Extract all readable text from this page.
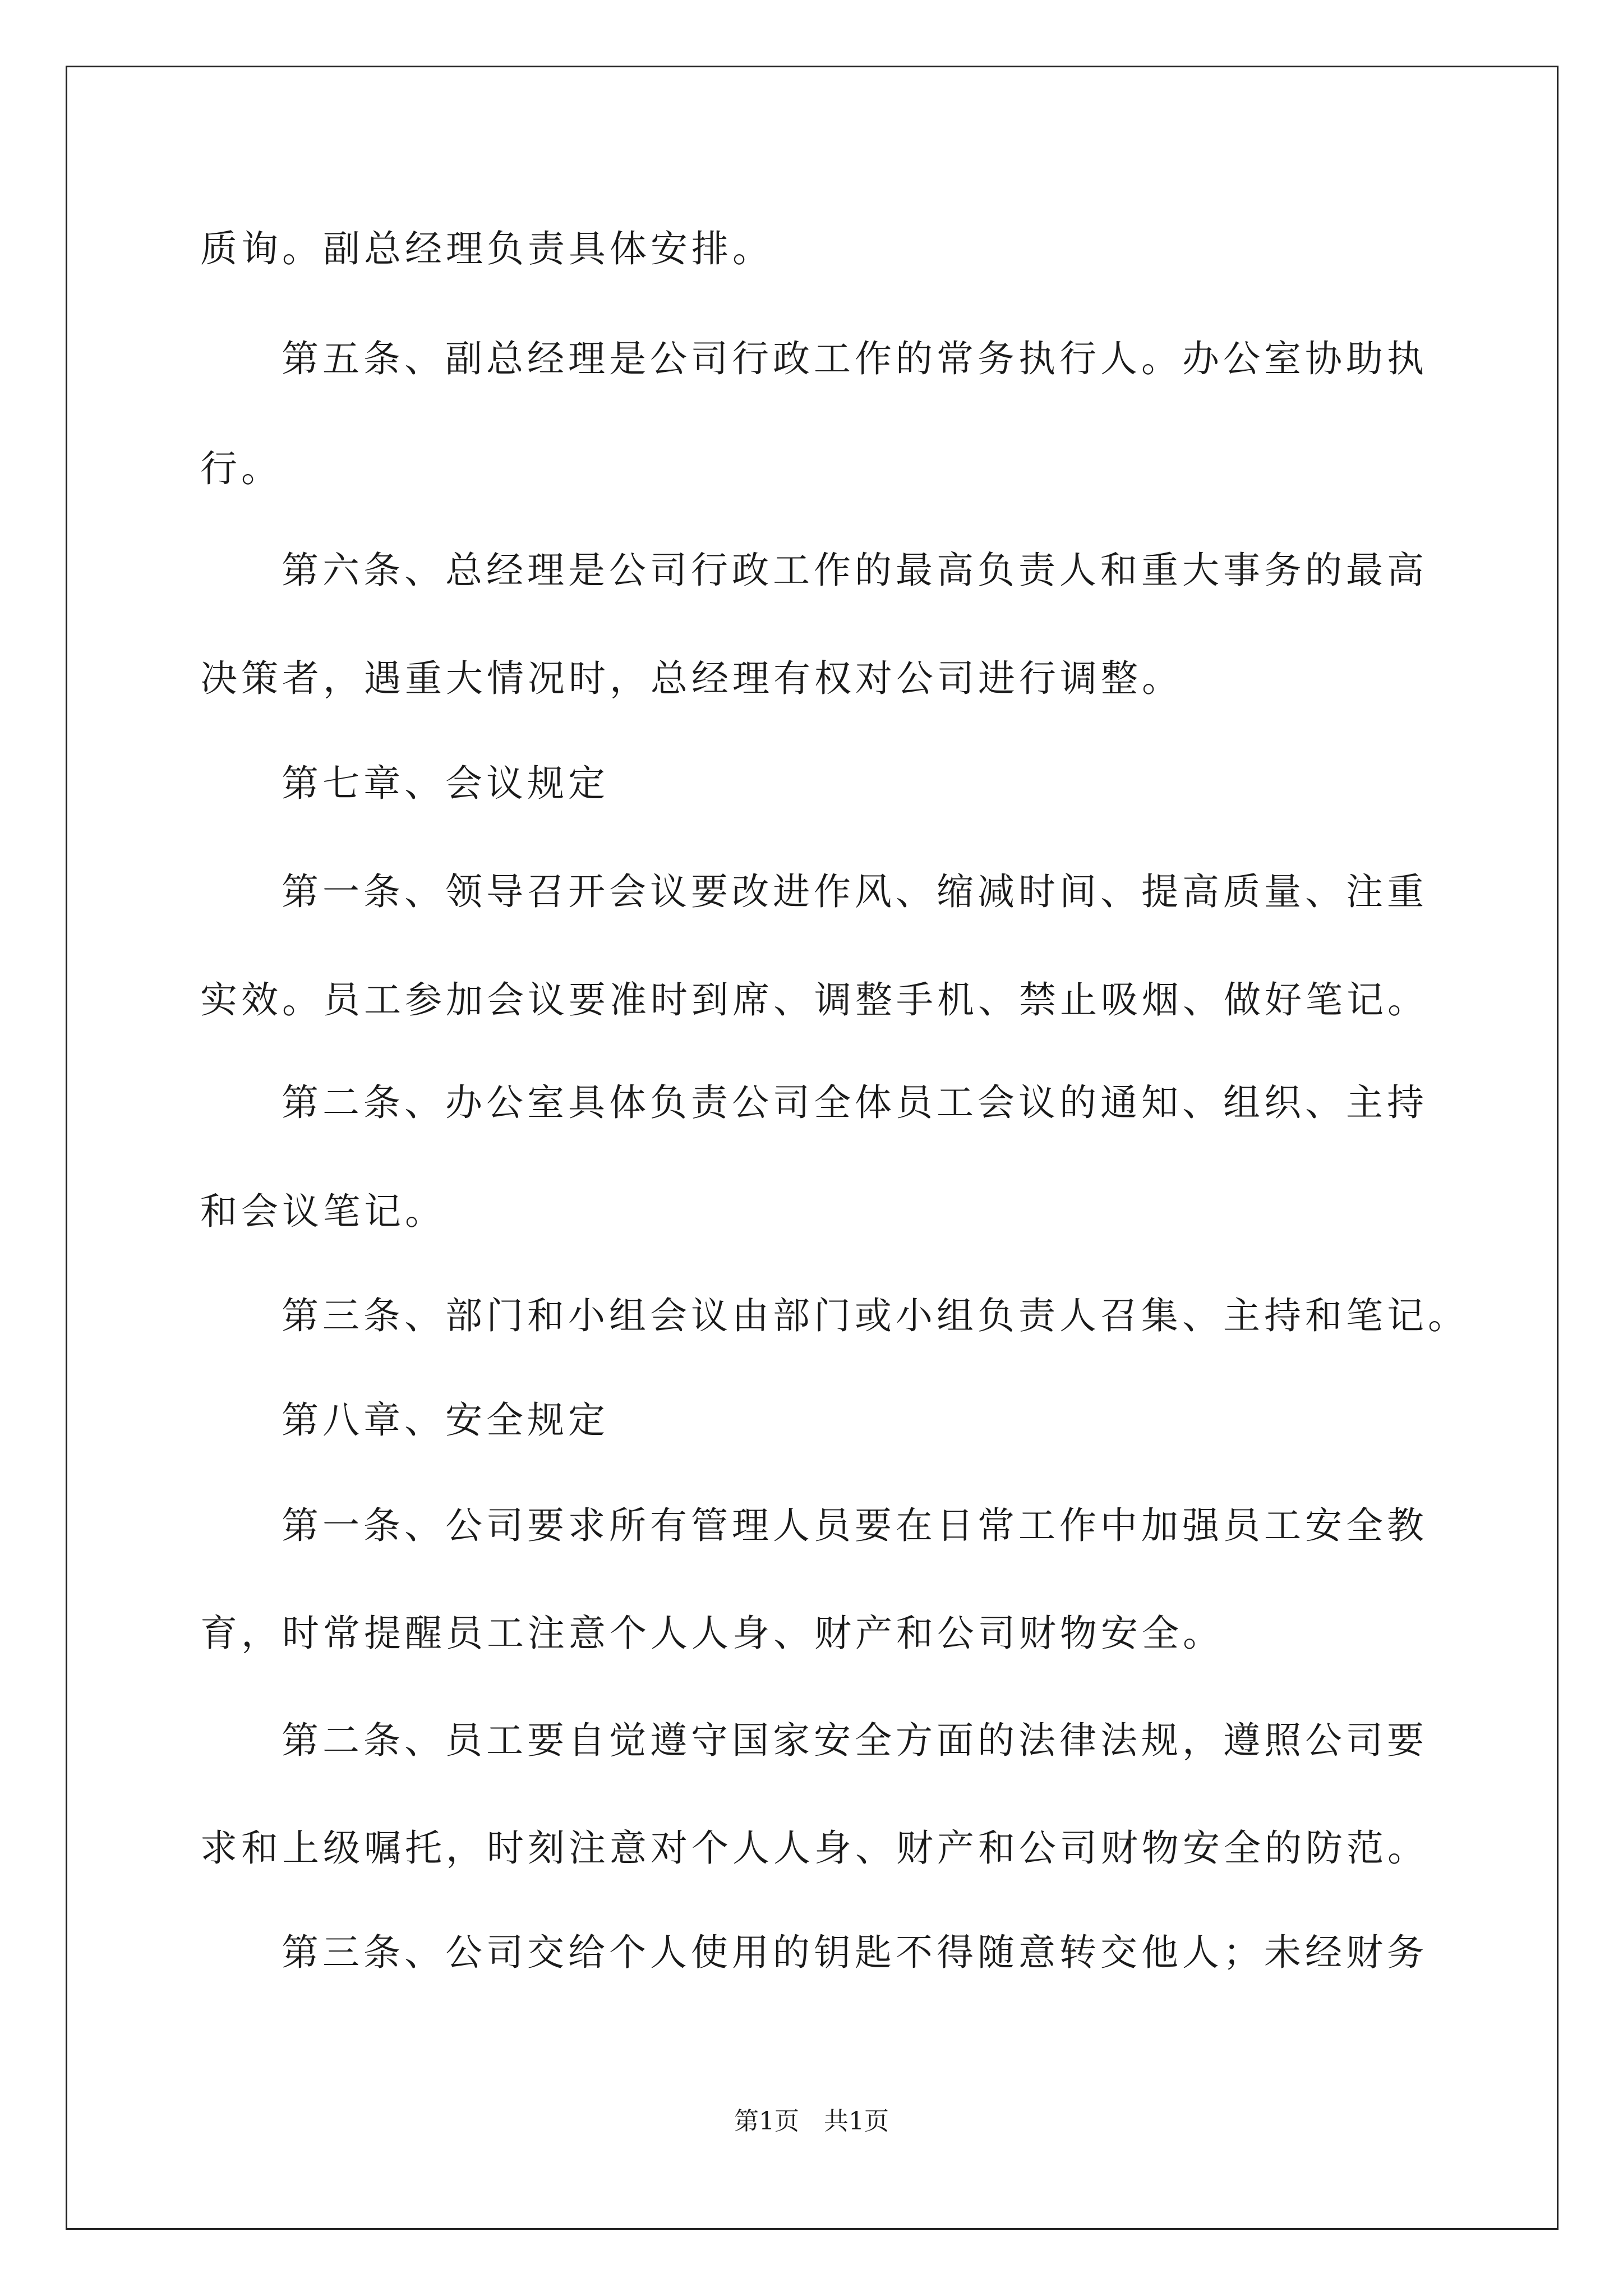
质询。副总经理负责具体安排。
第五条、副总经理是公司行政工作的常务执行人。办公室协助执
行。
第六条、总经理是公司行政工作的最高负责人和重大事务的最高
决策者，遇重大情况时，总经理有权对公司进行调整。
第七章、会议规定
第一条、领导召开会议要改进作风、缩减时间、提高质量、注重
实效。员工参加会议要准时到席、调整手机、禁止吸烟、做好笔记。
第二条、办公室具体负责公司全体员工会议的通知、组织、主持
和会议笔记。
第三条、部门和小组会议由部门或小组负责人召集、主持和笔记。
第八章、安全规定
第一条、公司要求所有管理人员要在日常工作中加强员工安全教
育，时常提醒员工注意个人人身、财产和公司财物安全。
第二条、员工要自觉遵守国家安全方面的法律法规，遵照公司要
求和上级嘱托，时刻注意对个人人身、财产和公司财物安全的防范。
第三条、公司交给个人使用的钥匙不得随意转交他人；未经财务
第1页 共1页
